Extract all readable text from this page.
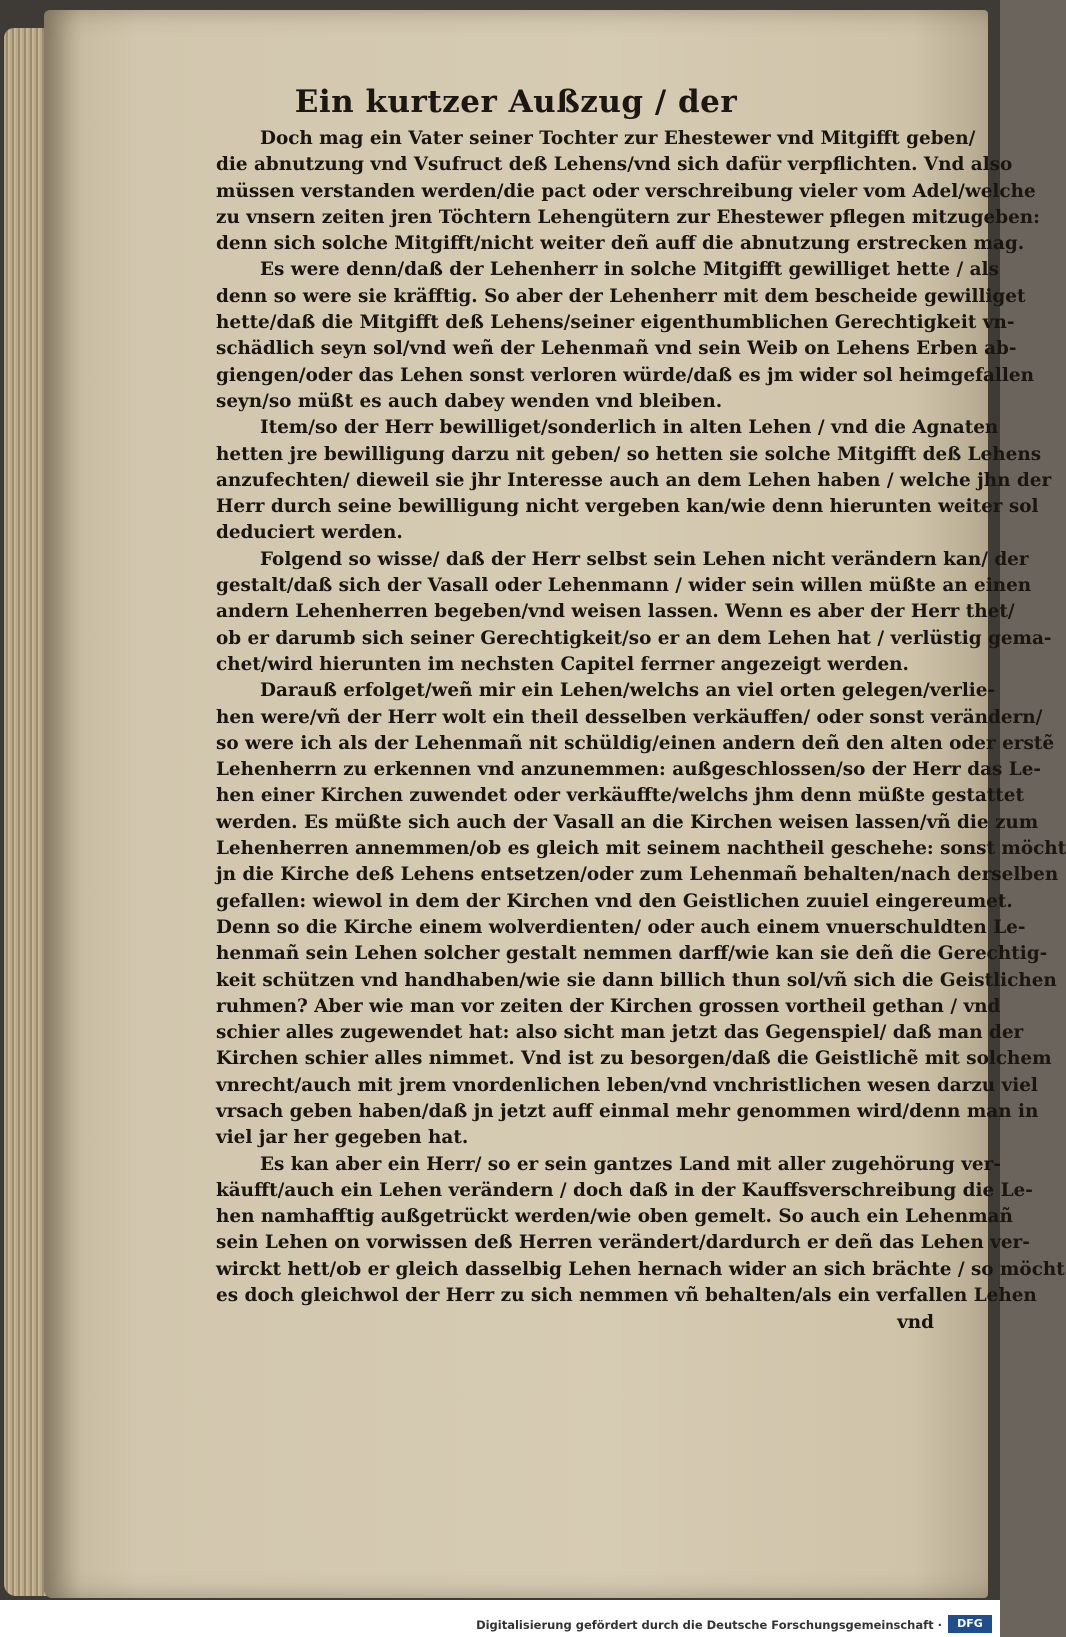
Ein kurtzer Außzug / der
Doch mag ein Vater seiner Tochter zur Ehestewer vnd Mitgifft geben/
die abnutzung vnd Vsufruct deß Lehens/vnd sich dafür verpflichten. Vnd also
müssen verstanden werden/die pact oder verschreibung vieler vom Adel/welche
zu vnsern zeiten jren Töchtern Lehengütern zur Ehestewer pflegen mitzugeben:
denn sich solche Mitgifft/nicht weiter deñ auff die abnutzung erstrecken mag.
Es were denn/daß der Lehenherr in solche Mitgifft gewilliget hette / als
denn so were sie kräfftig. So aber der Lehenherr mit dem bescheide gewilliget
hette/daß die Mitgifft deß Lehens/seiner eigenthumblichen Gerechtigkeit vn-
schädlich seyn sol/vnd weñ der Lehenmañ vnd sein Weib on Lehens Erben ab-
giengen/oder das Lehen sonst verloren würde/daß es jm wider sol heimgefallen
seyn/so müßt es auch dabey wenden vnd bleiben.
Item/so der Herr bewilliget/sonderlich in alten Lehen / vnd die Agnaten
hetten jre bewilligung darzu nit geben/ so hetten sie solche Mitgifft deß Lehens
anzufechten/ dieweil sie jhr Interesse auch an dem Lehen haben / welche jhn der
Herr durch seine bewilligung nicht vergeben kan/wie denn hierunten weiter sol
deduciert werden.
Folgend so wisse/ daß der Herr selbst sein Lehen nicht verändern kan/ der
gestalt/daß sich der Vasall oder Lehenmann / wider sein willen müßte an einen
andern Lehenherren begeben/vnd weisen lassen. Wenn es aber der Herr thet/
ob er darumb sich seiner Gerechtigkeit/so er an dem Lehen hat / verlüstig gema-
chet/wird hierunten im nechsten Capitel ferrner angezeigt werden.
Darauß erfolget/weñ mir ein Lehen/welchs an viel orten gelegen/verlie-
hen were/vñ der Herr wolt ein theil desselben verkäuffen/ oder sonst verändern/
so were ich als der Lehenmañ nit schüldig/einen andern deñ den alten oder erstẽ
Lehenherrn zu erkennen vnd anzunemmen: außgeschlossen/so der Herr das Le-
hen einer Kirchen zuwendet oder verkäuffte/welchs jhm denn müßte gestattet
werden. Es müßte sich auch der Vasall an die Kirchen weisen lassen/vñ die zum
Lehenherren annemmen/ob es gleich mit seinem nachtheil geschehe: sonst möcht
jn die Kirche deß Lehens entsetzen/oder zum Lehenmañ behalten/nach derselben
gefallen: wiewol in dem der Kirchen vnd den Geistlichen zuuiel eingereumet.
Denn so die Kirche einem wolverdienten/ oder auch einem vnuerschuldten Le-
henmañ sein Lehen solcher gestalt nemmen darff/wie kan sie deñ die Gerechtig-
keit schützen vnd handhaben/wie sie dann billich thun sol/vñ sich die Geistlichen
ruhmen? Aber wie man vor zeiten der Kirchen grossen vortheil gethan / vnd
schier alles zugewendet hat: also sicht man jetzt das Gegenspiel/ daß man der
Kirchen schier alles nimmet. Vnd ist zu besorgen/daß die Geistlichẽ mit solchem
vnrecht/auch mit jrem vnordenlichen leben/vnd vnchristlichen wesen darzu viel
vrsach geben haben/daß jn jetzt auff einmal mehr genommen wird/denn man in
viel jar her gegeben hat.
Es kan aber ein Herr/ so er sein gantzes Land mit aller zugehörung ver-
käufft/auch ein Lehen verändern / doch daß in der Kauffsverschreibung die Le-
hen namhafftig außgetrückt werden/wie oben gemelt. So auch ein Lehenmañ
sein Lehen on vorwissen deß Herren verändert/dardurch er deñ das Lehen ver-
wirckt hett/ob er gleich dasselbig Lehen hernach wider an sich brächte / so möcht
es doch gleichwol der Herr zu sich nemmen vñ behalten/als ein verfallen Lehen
vnd
Digitalisierung gefördert durch die Deutsche Forschungsgemeinschaft ·	DFG
